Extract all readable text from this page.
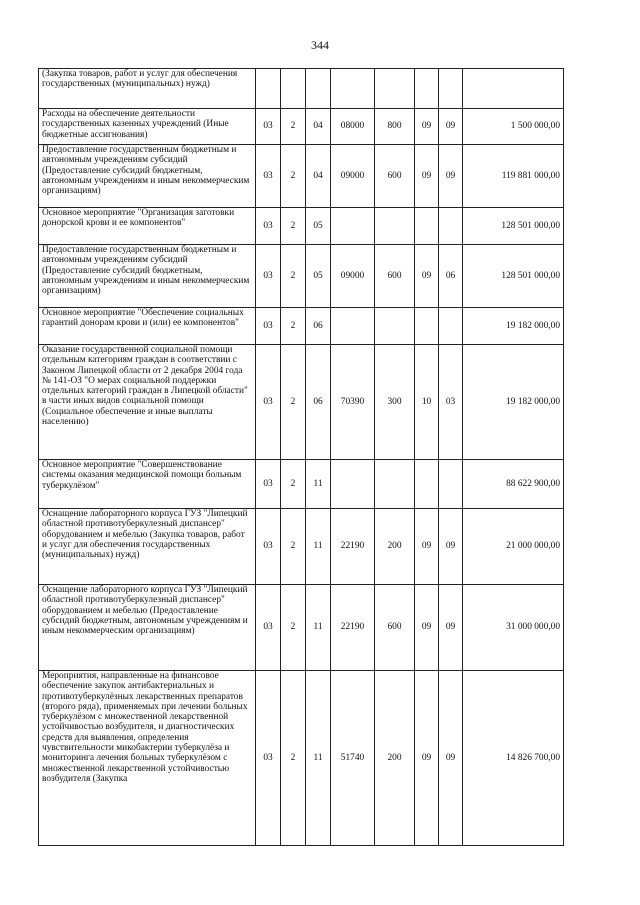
344
(Закупка товаров, работ и услуг для обеспечения государственных (муниципальных) нужд)								
Расходы на обеспечение деятельности государственных казенных учреждений (Иные бюджетные ассигнования)	03	2	04	08000	800	09	09	1 500 000,00
Предоставление государственным бюджетным и автономным учреждениям субсидий (Предоставление субсидий бюджетным, автономным учреждениям и иным некоммерческим организациям)	03	2	04	09000	600	09	09	119 881 000,00
Основное мероприятие "Организация заготовки донорской крови и ее компонентов"	03	2	05					128 501 000,00
Предоставление государственным бюджетным и автономным учреждениям субсидий (Предоставление субсидий бюджетным, автономным учреждениям и иным некоммерческим организациям)	03	2	05	09000	600	09	06	128 501 000,00
Основное мероприятие "Обеспечение социальных гарантий донорам крови и (или) ее компонентов"	03	2	06					19 182 000,00
Оказание государственной социальной помощи отдельным категориям граждан в соответствии с Законом Липецкой области от 2 декабря 2004 года № 141-ОЗ "О мерах социальной поддержки отдельных категорий граждан в Липецкой области" в части иных видов социальной помощи (Социальное обеспечение и иные выплаты населению)	03	2	06	70390	300	10	03	19 182 000,00
Основное мероприятие "Совершенствование системы оказания медицинской помощи больным туберкулёзом"	03	2	11					88 622 900,00
Оснащение лабораторного корпуса ГУЗ "Липецкий областной противотуберкулезный диспансер" оборудованием и мебелью (Закупка товаров, работ и услуг для обеспечения государственных (муниципальных) нужд)	03	2	11	22190	200	09	09	21 000 000,00
Оснащение лабораторного корпуса ГУЗ "Липецкий областной противотуберкулезный диспансер" оборудованием и мебелью (Предоставление субсидий бюджетным, автономным учреждениям и иным некоммерческим организациям)	03	2	11	22190	600	09	09	31 000 000,00
Мероприятия, направленные на финансовое обеспечение закупок антибактериальных и противотуберкулёзных лекарственных препаратов (второго ряда), применяемых при лечении больных туберкулёзом с множественной лекарственной устойчивостью возбудителя, и диагностических средств для выявления, определения чувствительности микобактерии туберкулёза и мониторинга лечения больных туберкулёзом с множественной лекарственной устойчивостью возбудителя (Закупка	03	2	11	51740	200	09	09	14 826 700,00
